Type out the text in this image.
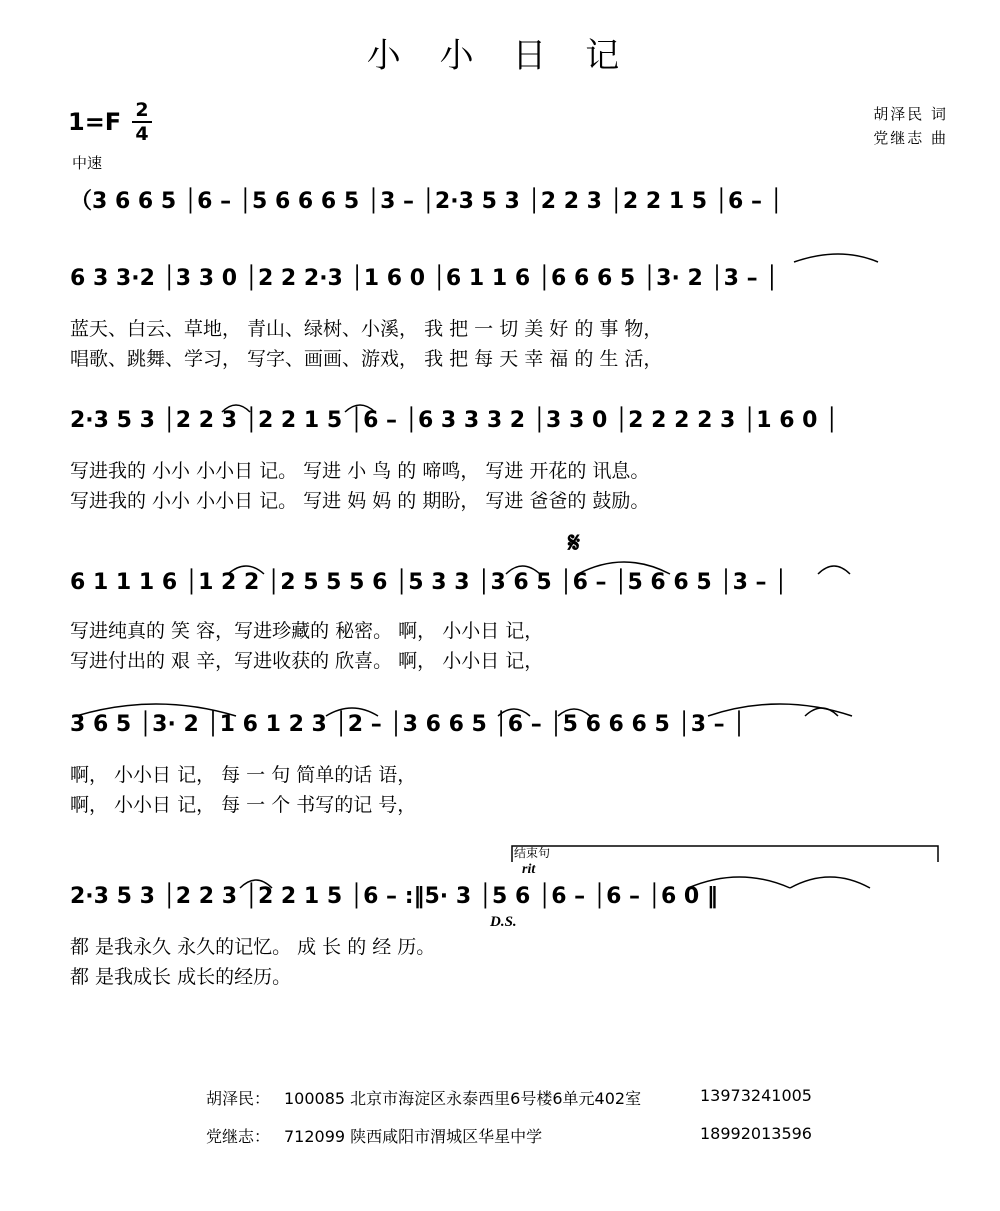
小 小 日 记
1=F 2
4
胡泽民 词
党继志 曲
中速
（3 6 6 5 │6 – │5 6 6 6 5 │3 – │2·3 5 3 │2 2 3 │2 2 1 5 │6 – │
6 3 3·2 │3 3 0 │2 2 2·3 │1 6 0 │6 1 1 6 │6 6 6 5 │3· 2 │3 – │
蓝天、白云、草地， 青山、绿树、小溪， 我 把 一 切 美 好 的 事 物，
唱歌、跳舞、学习， 写字、画画、游戏， 我 把 每 天 幸 福 的 生 活，
2·3 5 3 │2 2 3 │2 2 1 5 │6 – │6 3 3 3 2 │3 3 0 │2 2 2 2 3 │1 6 0 │
写进我的 小小 小小日 记。 写进 小 鸟 的 啼鸣， 写进 开花的 讯息。
写进我的 小小 小小日 记。 写进 妈 妈 的 期盼， 写进 爸爸的 鼓励。
𝄋
6 1 1 1 6 │1 2 2 │2 5 5 5 6 │5 3 3 │3 6 5 │6 – │5 6 6 5 │3 – │
写进纯真的 笑 容，写进珍藏的 秘密。 啊， 小小日 记，
写进付出的 艰 辛，写进收获的 欣喜。 啊， 小小日 记，
3 6 5 │3· 2 │1 6 1 2 3 │2 – │3 6 6 5 │6 – │5 6 6 6 5 │3 – │
啊， 小小日 记， 每 一 句 简单的话 语，
啊， 小小日 记， 每 一 个 书写的记 号，
结束句
rit
2·3 5 3 │2 2 3 │2 2 1 5 │6 – :‖5· 3 │5 6 │6 – │6 – │6 0 ‖
D.S.
都 是我永久 永久的记忆。 成 长 的 经 历。
都 是我成长 成长的经历。
胡泽民： 100085 北京市海淀区永泰西里6号楼6单元402室	13973241005
党继志： 712099 陕西咸阳市渭城区华星中学	18992013596
